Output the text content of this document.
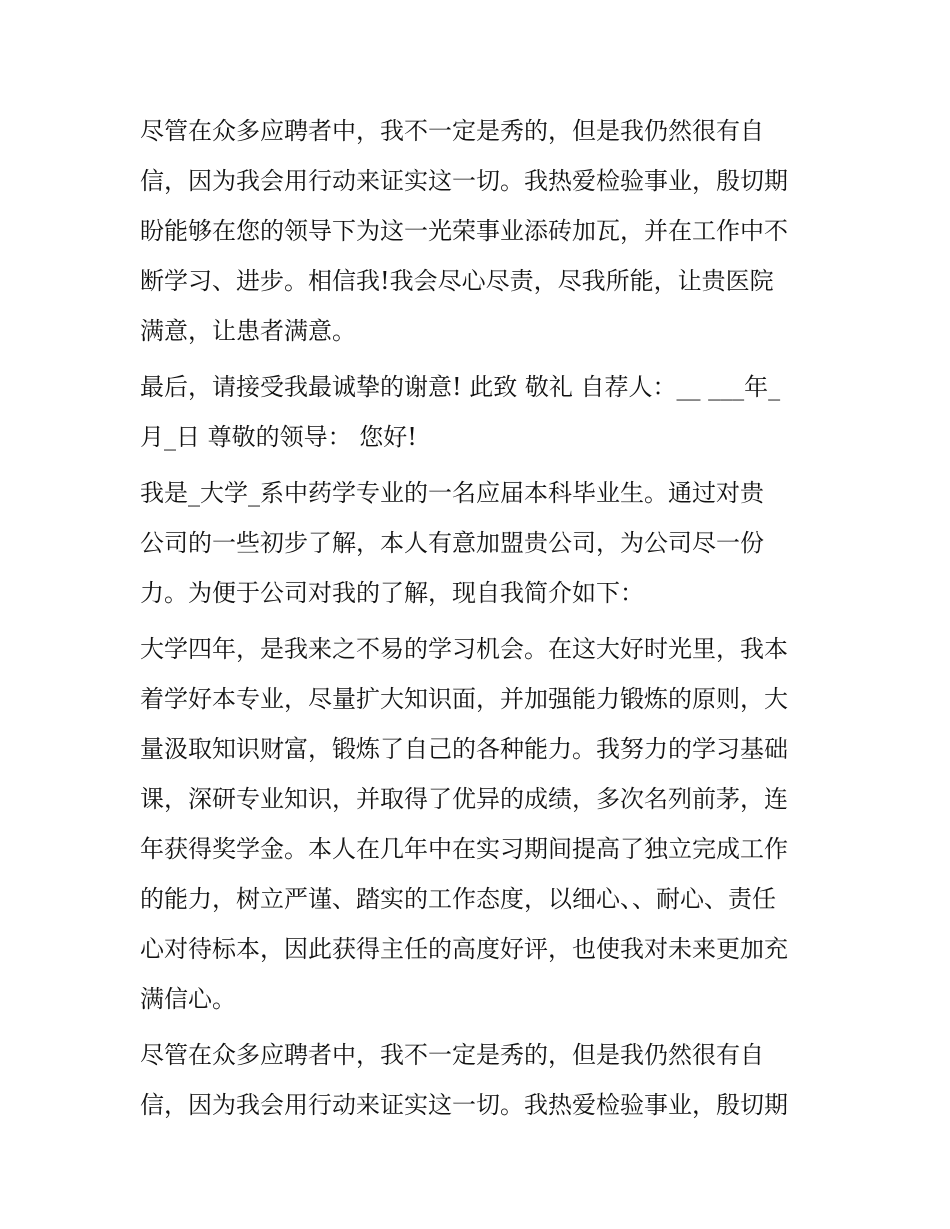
尽管在众多应聘者中，我不一定是秀的，但是我仍然很有自
信，因为我会用行动来证实这一切。我热爱检验事业，殷切期
盼能够在您的领导下为这一光荣事业添砖加瓦，并在工作中不
断学习、进步。相信我!我会尽心尽责，尽我所能，让贵医院
满意，让患者满意。
最后，请接受我最诚挚的谢意! 此致 敬礼 自荐人：__ ___年_
月_日 尊敬的领导： 您好!
我是_大学_系中药学专业的一名应届本科毕业生。通过对贵
公司的一些初步了解，本人有意加盟贵公司，为公司尽一份
力。为便于公司对我的了解，现自我简介如下：
大学四年，是我来之不易的学习机会。在这大好时光里，我本
着学好本专业，尽量扩大知识面，并加强能力锻炼的原则，大
量汲取知识财富，锻炼了自己的各种能力。我努力的学习基础
课，深研专业知识，并取得了优异的成绩，多次名列前茅，连
年获得奖学金。本人在几年中在实习期间提高了独立完成工作
的能力，树立严谨、踏实的工作态度，以细心、、耐心、责任
心对待标本，因此获得主任的高度好评，也使我对未来更加充
满信心。
尽管在众多应聘者中，我不一定是秀的，但是我仍然很有自
信，因为我会用行动来证实这一切。我热爱检验事业，殷切期
